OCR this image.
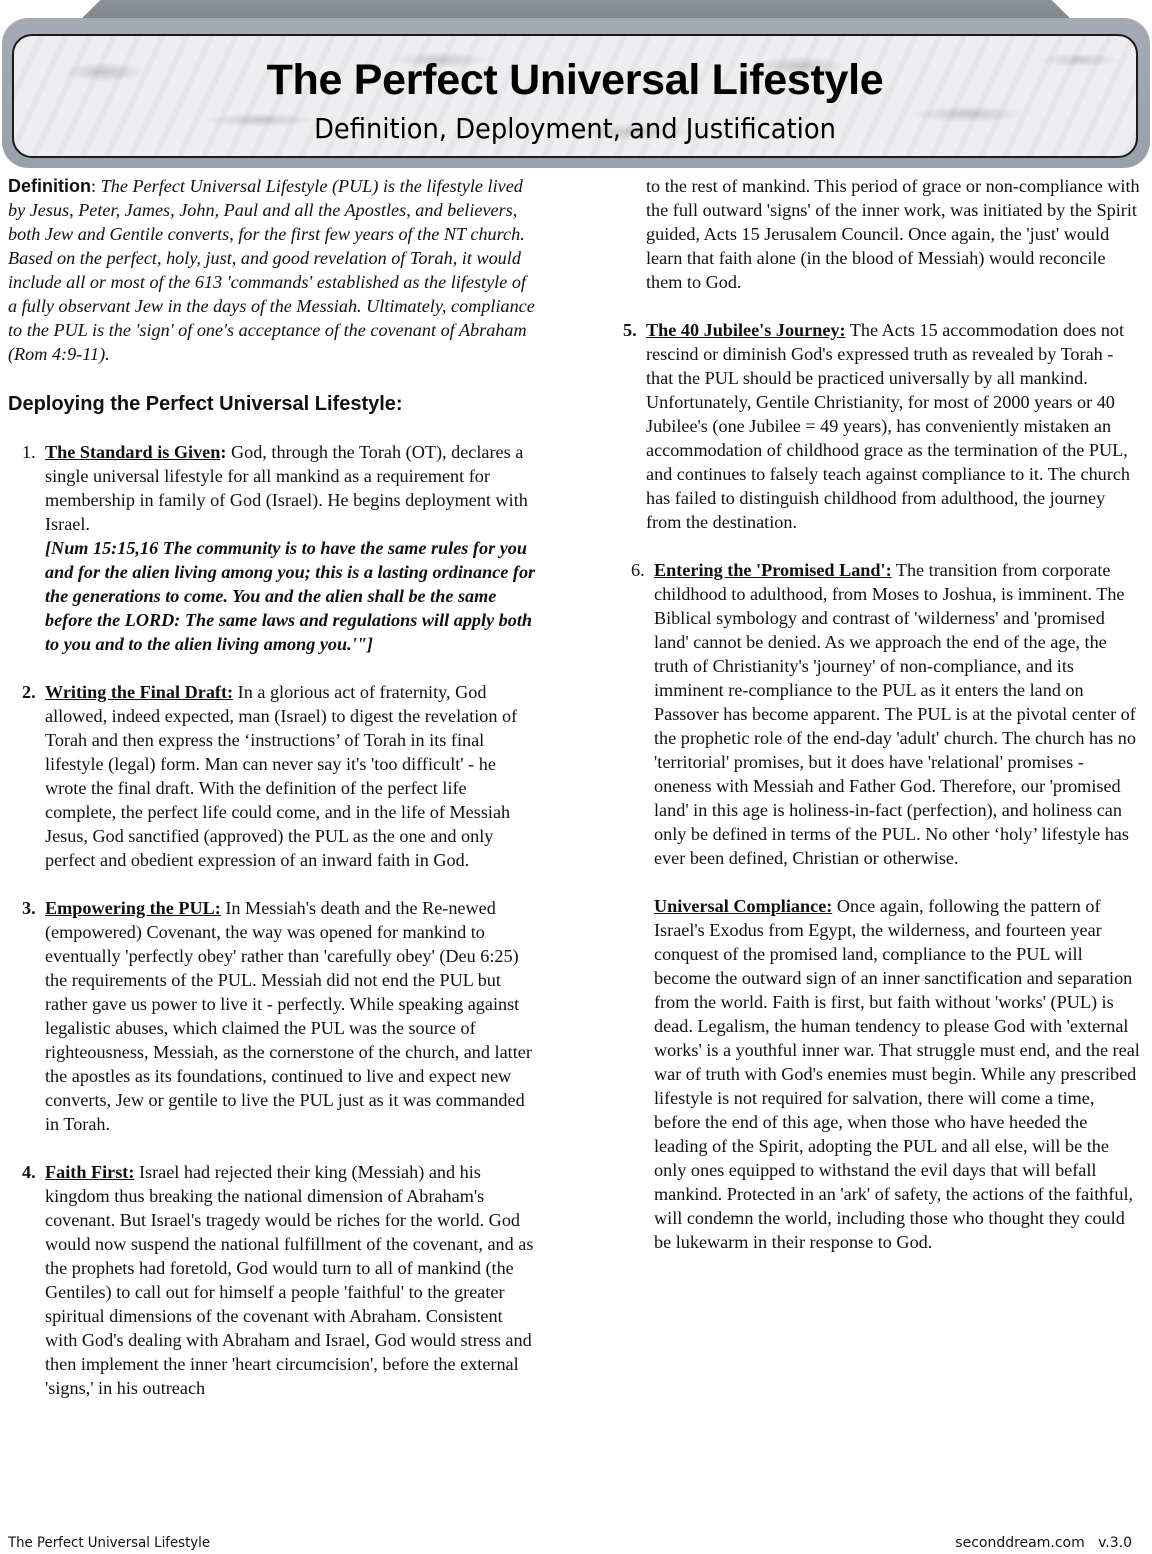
The Perfect Universal Lifestyle
Definition, Deployment, and Justification

Definition: The Perfect Universal Lifestyle (PUL) is the lifestyle lived by Jesus, Peter, James, John, Paul and all the Apostles, and believers, both Jew and Gentile converts, for the first few years of the NT church. Based on the perfect, holy, just, and good revelation of Torah, it would include all or most of the 613 'commands' established as the lifestyle of a fully observant Jew in the days of the Messiah. Ultimately, compliance to the PUL is the 'sign' of one's acceptance of the covenant of Abraham (Rom 4:9-11).

Deploying the Perfect Universal Lifestyle:
1. The Standard is Given: God, through the Torah (OT), declares a single universal lifestyle for all mankind as a requirement for membership in family of God (Israel). He begins deployment with Israel.
[Num 15:15,16 The community is to have the same rules for you and for the alien living among you; this is a lasting ordinance for the generations to come. You and the alien shall be the same before the LORD: The same laws and regulations will apply both to you and to the alien living among you.'"]
2. Writing the Final Draft: In a glorious act of fraternity, God allowed, indeed expected, man (Israel) to digest the revelation of Torah and then express the ‘instructions’ of Torah in its final lifestyle (legal) form. Man can never say it's 'too difficult' - he wrote the final draft. With the definition of the perfect life complete, the perfect life could come, and in the life of Messiah Jesus, God sanctified (approved) the PUL as the one and only perfect and obedient expression of an inward faith in God.
3. Empowering the PUL: In Messiah's death and the Re-newed (empowered) Covenant, the way was opened for mankind to eventually 'perfectly obey' rather than 'carefully obey' (Deu 6:25) the requirements of the PUL. Messiah did not end the PUL but rather gave us power to live it - perfectly. While speaking against legalistic abuses, which claimed the PUL was the source of righteousness, Messiah, as the cornerstone of the church, and latter the apostles as its foundations, continued to live and expect new converts, Jew or gentile to live the PUL just as it was commanded in Torah.
4. Faith First: Israel had rejected their king (Messiah) and his kingdom thus breaking the national dimension of Abraham's covenant. But Israel's tragedy would be riches for the world. God would now suspend the national fulfillment of the covenant, and as the prophets had foretold, God would turn to all of mankind (the Gentiles) to call out for himself a people 'faithful' to the greater spiritual dimensions of the covenant with Abraham. Consistent with God's dealing with Abraham and Israel, God would stress and then implement the inner 'heart circumcision', before the external 'signs,' in his outreach

to the rest of mankind. This period of grace or non-compliance with the full outward 'signs' of the inner work, was initiated by the Spirit guided, Acts 15 Jerusalem Council. Once again, the 'just' would learn that faith alone (in the blood of Messiah) would reconcile them to God.

5. The 40 Jubilee's Journey: The Acts 15 accommodation does not rescind or diminish God's expressed truth as revealed by Torah - that the PUL should be practiced universally by all mankind. Unfortunately, Gentile Christianity, for most of 2000 years or 40 Jubilee's (one Jubilee = 49 years), has conveniently mistaken an accommodation of childhood grace as the termination of the PUL, and continues to falsely teach against compliance to it. The church has failed to distinguish childhood from adulthood, the journey from the destination.
6. Entering the 'Promised Land': The transition from corporate childhood to adulthood, from Moses to Joshua, is imminent. The Biblical symbology and contrast of 'wilderness' and 'promised land' cannot be denied. As we approach the end of the age, the truth of Christianity's 'journey' of non-compliance, and its imminent re-compliance to the PUL as it enters the land on Passover has become apparent. The PUL is at the pivotal center of the prophetic role of the end-day 'adult' church. The church has no 'territorial' promises, but it does have 'relational' promises - oneness with Messiah and Father God. Therefore, our 'promised land' in this age is holiness-in-fact (perfection), and holiness can only be defined in terms of the PUL. No other ‘holy’ lifestyle has ever been defined, Christian or otherwise.

Universal Compliance: Once again, following the pattern of Israel's Exodus from Egypt, the wilderness, and fourteen year conquest of the promised land, compliance to the PUL will become the outward sign of an inner sanctification and separation from the world. Faith is first, but faith without 'works' (PUL) is dead. Legalism, the human tendency to please God with 'external works' is a youthful inner war. That struggle must end, and the real war of truth with God's enemies must begin. While any prescribed lifestyle is not required for salvation, there will come a time, before the end of this age, when those who have heeded the leading of the Spirit, adopting the PUL and all else, will be the only ones equipped to withstand the evil days that will befall mankind. Protected in an 'ark' of safety, the actions of the faithful, will condemn the world, including those who thought they could be lukewarm in their response to God.

The Perfect Universal Lifestyle	seconddream.com   v.3.0
